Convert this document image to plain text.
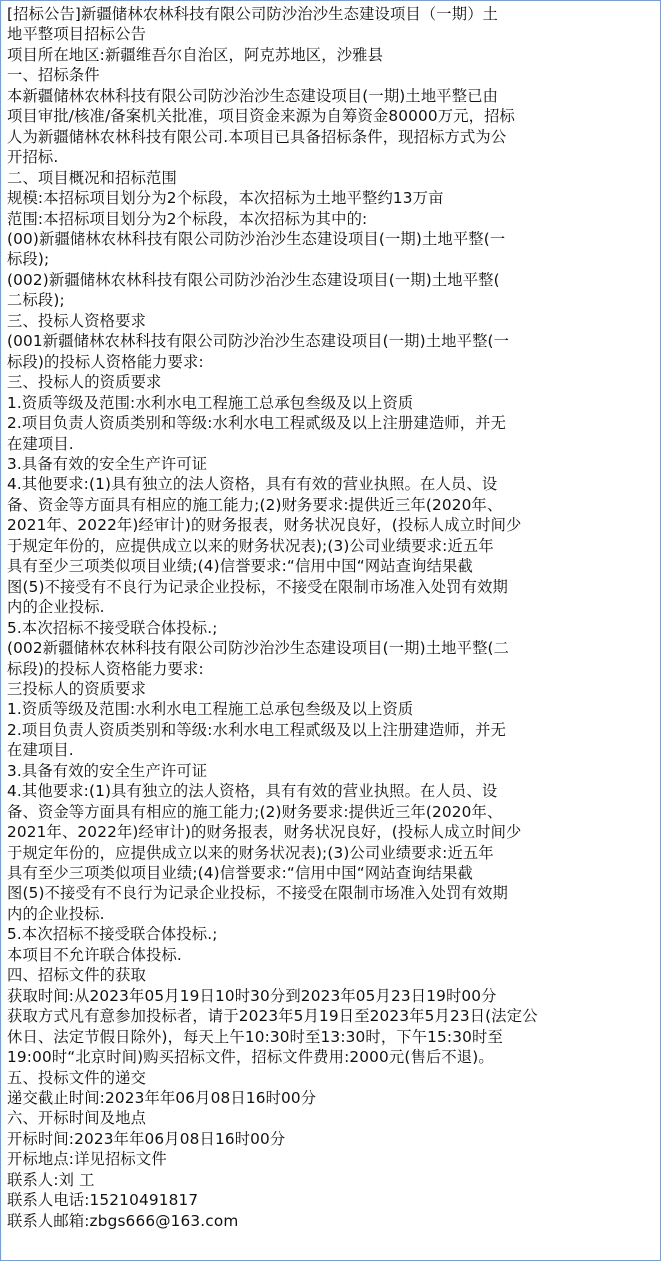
[招标公告]新疆储林农林科技有限公司防沙治沙生态建设项目（一期）土
地平整项目招标公告
项目所在地区:新疆维吾尔自治区，阿克苏地区，沙雅县
一、招标条件
本新疆储林农林科技有限公司防沙治沙生态建设项目(一期)土地平整已由
项目审批/核准/备案机关批准，项目资金来源为自筹资金80000万元，招标
人为新疆储林农林科技有限公司.本项目已具备招标条件，现招标方式为公
开招标.
二、项目概况和招标范围
规模:本招标项目划分为2个标段，本次招标为土地平整约13万亩
范围:本招标项目划分为2个标段，本次招标为其中的:
(00)新疆储林农林科技有限公司防沙治沙生态建设项目(一期)土地平整(一
标段);
(002)新疆储林农林科技有限公司防沙治沙生态建设项目(一期)土地平整(
二标段);
三、投标人资格要求
(001新疆储林农林科技有限公司防沙治沙生态建设项目(一期)土地平整(一
标段)的投标人资格能力要求:
三、投标人的资质要求
1.资质等级及范围:水利水电工程施工总承包叁级及以上资质
2.项目负责人资质类别和等级:水利水电工程贰级及以上注册建造师，并无
在建项目.
3.具备有效的安全生产许可证
4.其他要求:(1)具有独立的法人资格，具有有效的营业执照。在人员、设
备、资金等方面具有相应的施工能力;(2)财务要求:提供近三年(2020年、
2021年、2022年)经审计)的财务报表，财务状况良好，(投标人成立时间少
于规定年份的，应提供成立以来的财务状况表);(3)公司业绩要求:近五年
具有至少三项类似项目业绩;(4)信誉要求:“信用中国“网站查询结果截
图(5)不接受有不良行为记录企业投标，不接受在限制市场准入处罚有效期
内的企业投标.
5.本次招标不接受联合体投标.;
(002新疆储林农林科技有限公司防沙治沙生态建设项目(一期)土地平整(二
标段)的投标人资格能力要求:
三投标人的资质要求
1.资质等级及范围:水利水电工程施工总承包叁级及以上资质
2.项目负责人资质类别和等级:水利水电工程贰级及以上注册建造师，并无
在建项目.
3.具备有效的安全生产许可证
4.其他要求:(1)具有独立的法人资格，具有有效的营业执照。在人员、设
备、资金等方面具有相应的施工能力;(2)财务要求:提供近三年(2020年、
2021年、2022年)经审计)的财务报表，财务状况良好，(投标人成立时间少
于规定年份的，应提供成立以来的财务状况表);(3)公司业绩要求:近五年
具有至少三项类似项目业绩;(4)信誉要求:“信用中国“网站查询结果截
图(5)不接受有不良行为记录企业投标，不接受在限制市场准入处罚有效期
内的企业投标.
5.本次招标不接受联合体投标.;
本项目不允许联合体投标.
四、招标文件的获取
获取时间:从2023年05月19日10时30分到2023年05月23日19时00分
获取方式凡有意参加投标者，请于2023年5月19日至2023年5月23日(法定公
休日、法定节假日除外)，每天上午10:30时至13:30时，下午15:30时至
19:00时“北京时间)购买招标文件，招标文件费用:2000元(售后不退)。
五、投标文件的递交
递交截止时间:2023年年06月08日16时00分
六、开标时间及地点
开标时间:2023年年06月08日16时00分
开标地点:详见招标文件
联系人:刘 工
联系人电话:15210491817
联系人邮箱:zbgs666@163.com
